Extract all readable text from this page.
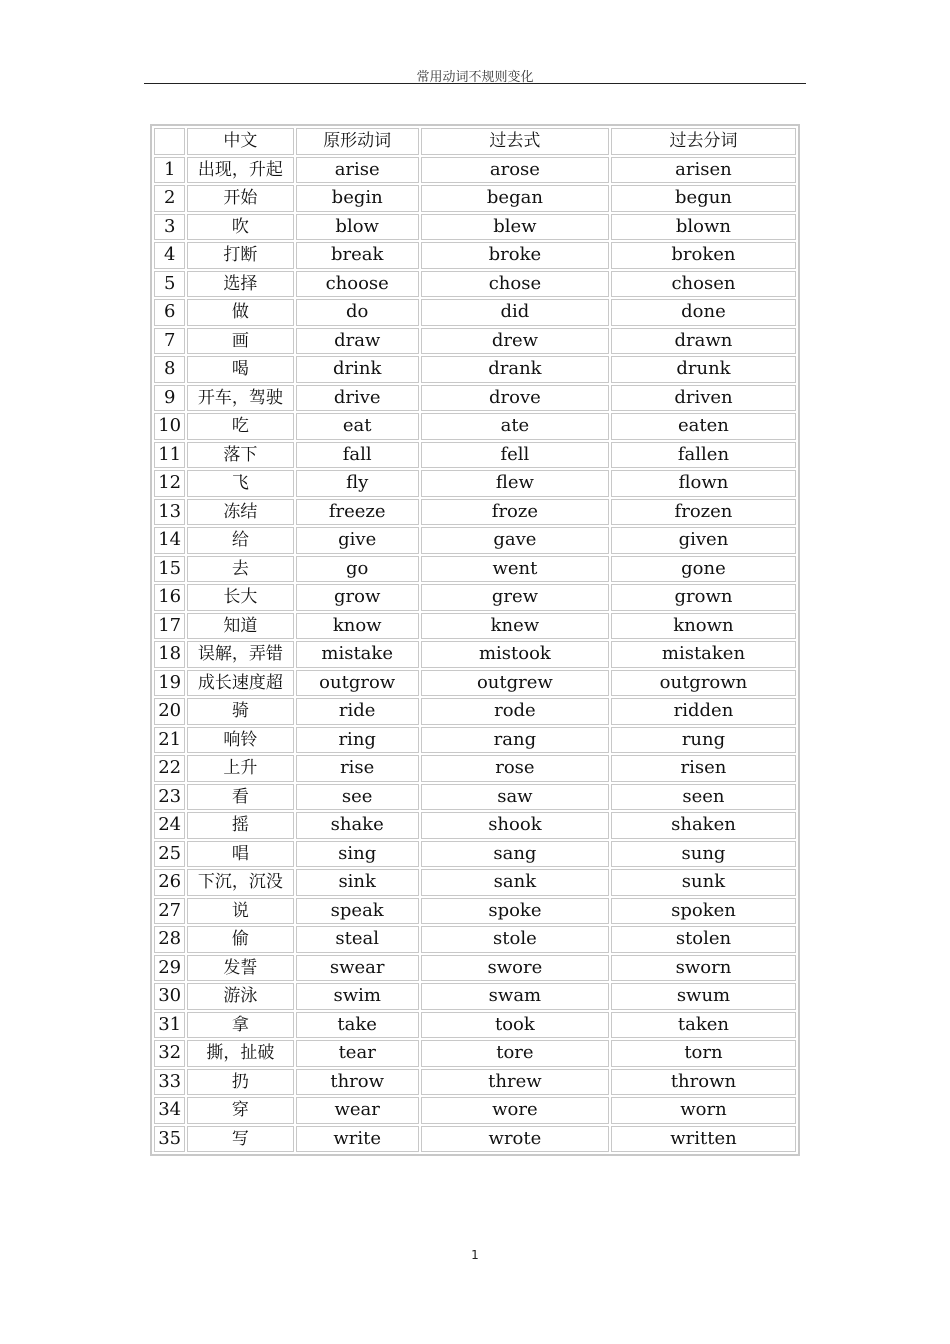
常用动词不规则变化
	中文	原形动词	过去式	过去分词
1	出现，升起	arise	arose	arisen
2	开始	begin	began	begun
3	吹	blow	blew	blown
4	打断	break	broke	broken
5	选择	choose	chose	chosen
6	做	do	did	done
7	画	draw	drew	drawn
8	喝	drink	drank	drunk
9	开车，驾驶	drive	drove	driven
10	吃	eat	ate	eaten
11	落下	fall	fell	fallen
12	飞	fly	flew	flown
13	冻结	freeze	froze	frozen
14	给	give	gave	given
15	去	go	went	gone
16	长大	grow	grew	grown
17	知道	know	knew	known
18	误解，弄错	mistake	mistook	mistaken
19	成长速度超	outgrow	outgrew	outgrown
20	骑	ride	rode	ridden
21	响铃	ring	rang	rung
22	上升	rise	rose	risen
23	看	see	saw	seen
24	摇	shake	shook	shaken
25	唱	sing	sang	sung
26	下沉，沉没	sink	sank	sunk
27	说	speak	spoke	spoken
28	偷	steal	stole	stolen
29	发誓	swear	swore	sworn
30	游泳	swim	swam	swum
31	拿	take	took	taken
32	撕，扯破	tear	tore	torn
33	扔	throw	threw	thrown
34	穿	wear	wore	worn
35	写	write	wrote	written
1
